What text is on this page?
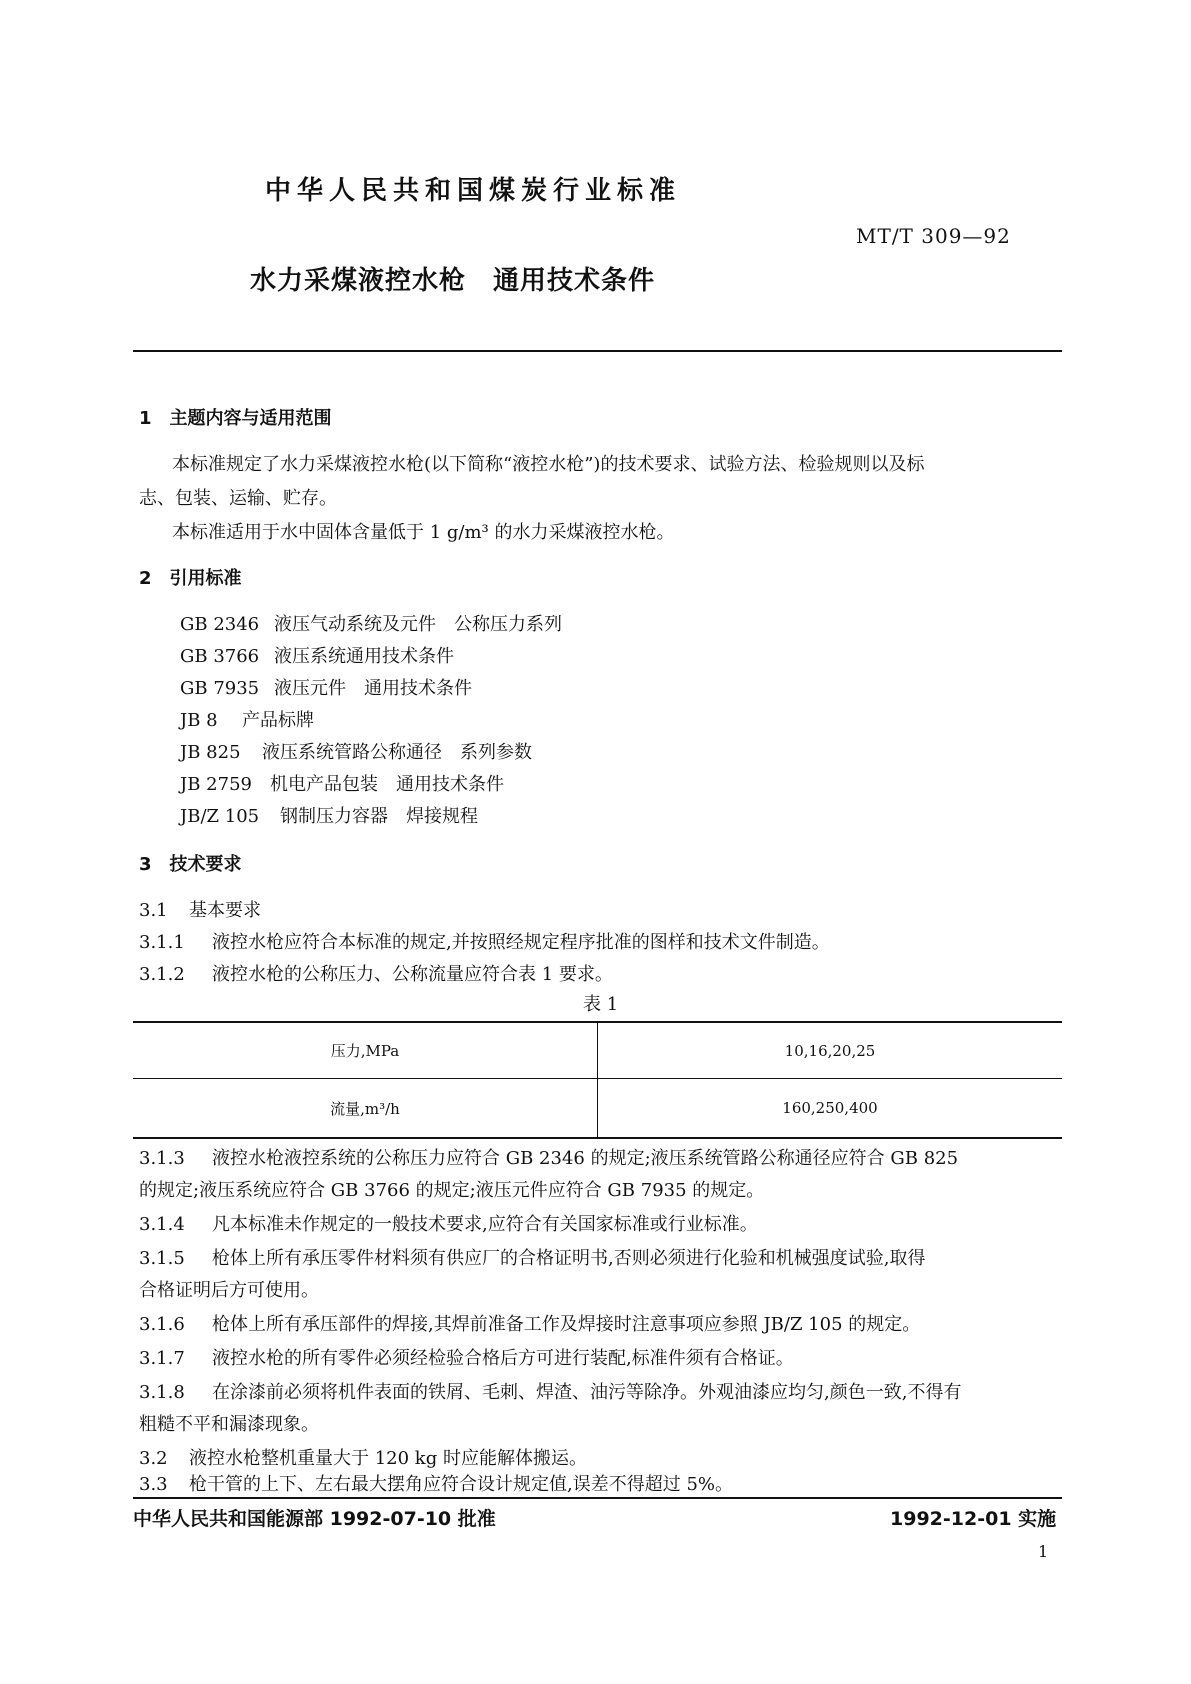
中华人民共和国煤炭行业标准
MT/T 309—92
水力采煤液控水枪　通用技术条件
1　主题内容与适用范围
本标准规定了水力采煤液控水枪(以下简称“液控水枪”)的技术要求、试验方法、检验规则以及标
志、包装、运输、贮存。
本标准适用于水中固体含量低于 1 g/m³ 的水力采煤液控水枪。
2　引用标准
GB 2346 液压气动系统及元件　公称压力系列
GB 3766 液压系统通用技术条件
GB 7935 液压元件　通用技术条件
JB 8 产品标牌
JB 825 液压系统管路公称通径　系列参数
JB 2759 机电产品包装　通用技术条件
JB/Z 105 钢制压力容器　焊接规程
3　技术要求
3.1 基本要求
3.1.1 液控水枪应符合本标准的规定,并按照经规定程序批准的图样和技术文件制造。
3.1.2 液控水枪的公称压力、公称流量应符合表 1 要求。
表 1
压力,MPa	10,16,20,25
流量,m³/h	160,250,400
3.1.3 液控水枪液控系统的公称压力应符合 GB 2346 的规定;液压系统管路公称通径应符合 GB 825
的规定;液压系统应符合 GB 3766 的规定;液压元件应符合 GB 7935 的规定。
3.1.4 凡本标准未作规定的一般技术要求,应符合有关国家标准或行业标准。
3.1.5 枪体上所有承压零件材料须有供应厂的合格证明书,否则必须进行化验和机械强度试验,取得
合格证明后方可使用。
3.1.6 枪体上所有承压部件的焊接,其焊前准备工作及焊接时注意事项应参照 JB/Z 105 的规定。
3.1.7 液控水枪的所有零件必须经检验合格后方可进行装配,标准件须有合格证。
3.1.8 在涂漆前必须将机件表面的铁屑、毛刺、焊渣、油污等除净。外观油漆应均匀,颜色一致,不得有
粗糙不平和漏漆现象。
3.2 液控水枪整机重量大于 120 kg 时应能解体搬运。
3.3 枪干管的上下、左右最大摆角应符合设计规定值,误差不得超过 5%。
中华人民共和国能源部 1992-07-10 批准	1992-12-01 实施
1
